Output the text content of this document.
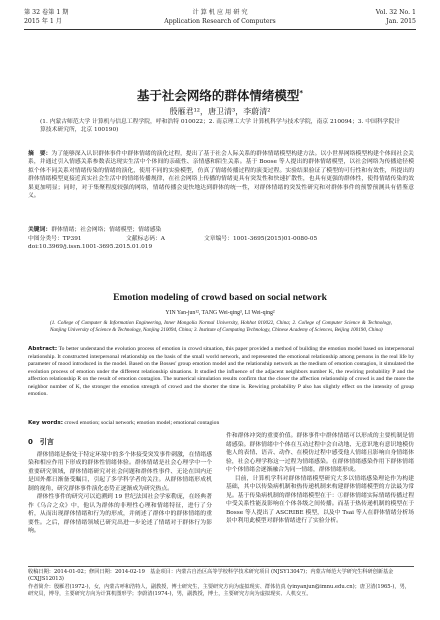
第 32 卷第 1 期
2015 年 1 月
计 算 机 应 用 研 究
Application Research of Computers
Vol. 32 No. 1
Jan. 2015
基于社会网络的群体情绪模型*
殷雁君¹²，唐卫清³，李蔚清²
(1. 内蒙古师范大学 计算机与信息工程学院，呼和浩特 010022；2. 南京理工大学 计算机科学与技术学院，南京 210094；3. 中国科学院计算技术研究所，北京 100190)
摘　要：为了能够深入认识群体事件中群体情绪的演化过程，提出了基于社会人际关系的群体情绪模型构建方法。以小世界网络模型构建个体间社会关系，并通过引入情感关系参数表达现实生活中个体间的亲疏性、亲情感和陌生关系。基于 Boose 等人提出的群体情绪模型，以社会网络为传播途径模拟个体不同关系对情绪传染的情绪的演化，使用不同的实验模型，仿真了情绪传播过程的演变过程。实验结果验证了模型的可行性和有效性，所提出的群体情绪模型更接近真实社会生活中的情绪传播规律，在社会网络上传播的情绪更具有突发性和快速扩散性，也具有更强的群体性，使得情绪传染的效果更加明显；同时，对于集聚程度较强的网络，情绪传播会更快地达到群体的统一性，对群体情绪的突发性研究和对群体事件的预警预测具有借鉴意义。
关键词：群体情绪；社会网络；情绪模型；情绪感染
中图分类号：TP391	文献标志码：A	文章编号：1001-3695(2015)01-0080-05
doi:10.3969/j.issn.1001-3695.2015.01.019
Emotion modeling of crowd based on social network
YIN Yan-jun¹², TANG Wei-qing³, LI Wei-qing²
(1. College of Computer & Information Engineering, Inner Mongolia Normal University, Hohhot 010022, China; 2. College of Computer Science & Technology, Nanjing University of Science & Technology, Nanjing 210094, China; 3. Institute of Computing Technology, Chinese Academy of Sciences, Beijing 100190, China)
Abstract: To better understand the evolution process of emotion in crowd situation, this paper provided a method of building the emotion model based on interpersonal relationship. It constructed interpersonal relationship on the basis of the small world network, and represented the emotional relationship among persons in the real life by parameter of mood introduced in the model. Based on the Bosses' group emotion model and the relationship network as the medium of emotion contagion, it simulated the evolution process of emotion under the different relationship situations. It studied the influence of the adjacent neighbors number K, the rewiring probability P and the affection relationship R on the result of emotion contagion. The numerical simulation results confirm that the closer the affection relationship of crowd is and the more the neighbor number of K, the stronger the emotion strength of crowd and the shorter the time is. Rewiring probability P also has slightly effect on the intensity of group emotion.
Key words: crowd emotion; social network; emotion model; emotional contagion
0　引言

群体情绪是指处于特定环境中的多个体接受突发事件刺激，在情绪感染和相应作用下形成的群体性情绪体验。群体情绪是社会心理学中一个重要研究领域，群体情绪研究对社会问题和群体性事件、无论在国内还是国外都日渐备受瞩目，引起了多学科学者的关注。从群体情绪形成机制的视角，研究群体事件演化态势正逐渐成为研究热点。

群体性事件的研究可以追溯到 19 世纪法国社会学家勒庞，在经典著作《乌合之众》中，他认为群体的非理性心理和情绪特征，进行了分析，从而出现群体情绪和行为的形成，并阐述了群体中的群体情绪的重要性。之后，群体情绪领域已研究出进一步论述了情绪对于群体行为影响。

件和群体冲突的重要价值。群体事件中群体情绪可以形成的主要机制是情绪感染。群体情绪中个体在互动过程中会自动地、无意识地有意识地模仿他人的表情、语音、动作、在模仿过程中感受他人情绪且影响自身情绪体验，社会心理学称这一过程为情绪感染。在群体情绪感染作用下群体情绪中个体情绪会逐渐融合为同一情绪，群体情绪形成。

目前，计算机学科对群体情绪模型研究大多以情绪感染理论作为构建基础，其中以传染病机制和热传递机制来构建群体情绪模型的方法最为常见。基于传染病机制的群体情绪模型在于：①群体情绪实际情绪传播过程中受关系性能及影响在个体各级之间传播。而基于热传递机制的模型在于 Bosse 等人提出了 ASCRIBE 模型，以及中 Tsai 等人在群体情绪分析场景中利用此模型对群体情绪进行了实验分析。

收稿日期：2014-01-02；修回日期：2014-02-19　基金项目：内蒙古自治区高等学校科学技术研究项目 (NJSY13047)；内蒙古师范大学研究生科研创新基金 (CXJJS12013)
作者简介：殷雁君(1972-)，女，内蒙古呼和浩特人，副教授，博士研究生，主要研究方向为虚拟现实、群体仿真 (yinyanjun@imnu.edu.cn)；唐卫清(1965-)，男，研究员，博导，主要研究方向为计算机图形学；李蔚清(1974-)，男，副教授，博士，主要研究方向为虚拟现实、人机交互。
